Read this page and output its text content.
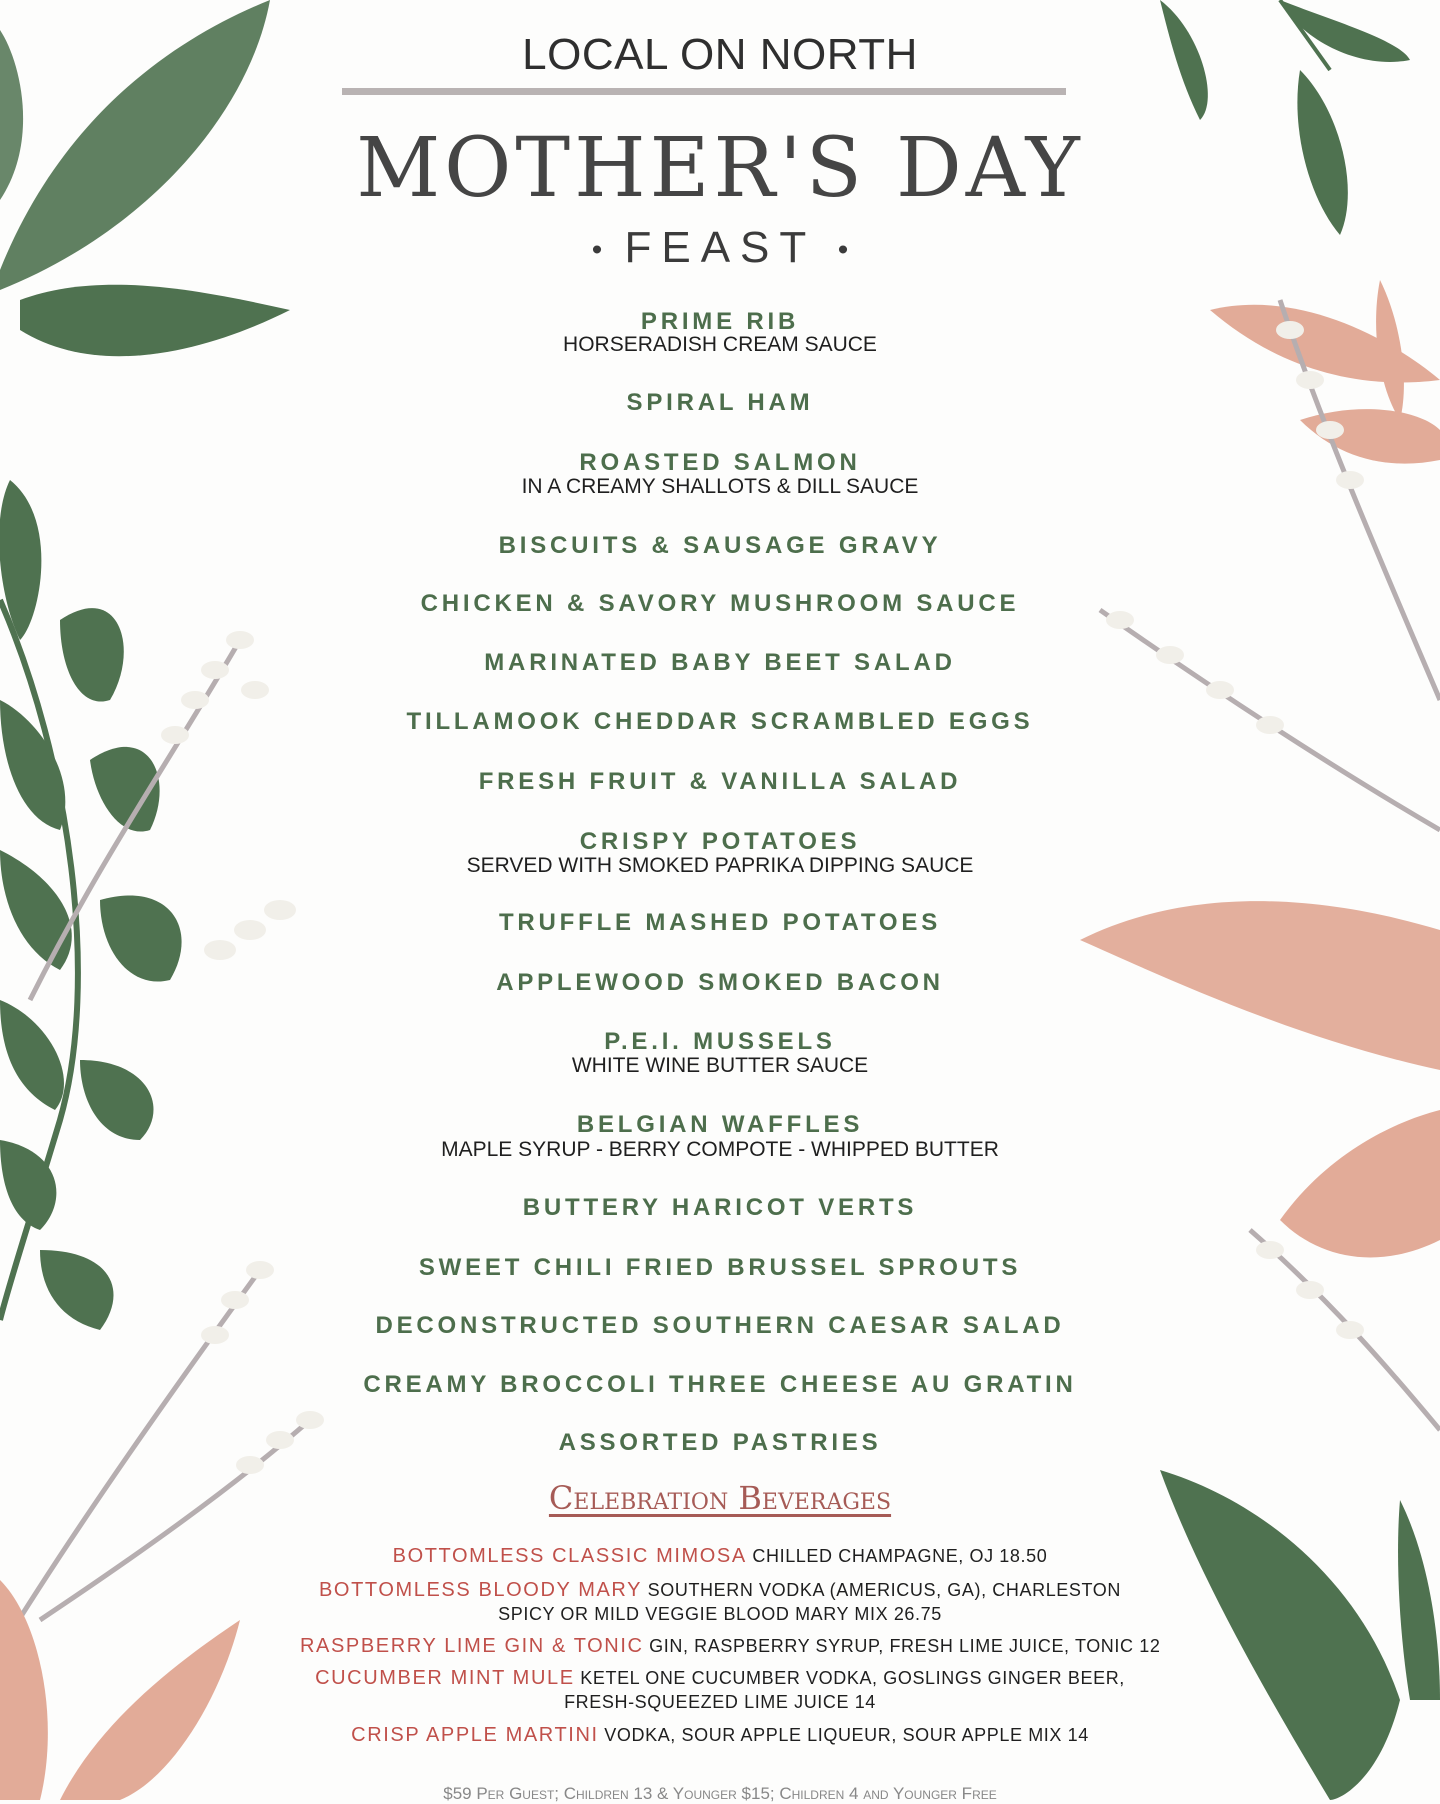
LOCAL ON NORTH
MOTHER'S DAY
• FEAST •
PRIME RIB
HORSERADISH CREAM SAUCE
SPIRAL HAM
ROASTED SALMON
IN A CREAMY SHALLOTS & DILL SAUCE
BISCUITS & SAUSAGE GRAVY
CHICKEN & SAVORY MUSHROOM SAUCE
MARINATED BABY BEET SALAD
TILLAMOOK CHEDDAR SCRAMBLED EGGS
FRESH FRUIT & VANILLA SALAD
CRISPY POTATOES
SERVED WITH SMOKED PAPRIKA DIPPING SAUCE
TRUFFLE MASHED POTATOES
APPLEWOOD SMOKED BACON
P.E.I. MUSSELS
WHITE WINE BUTTER SAUCE
BELGIAN WAFFLES
MAPLE SYRUP - BERRY COMPOTE - WHIPPED BUTTER
BUTTERY HARICOT VERTS
SWEET CHILI FRIED BRUSSEL SPROUTS
DECONSTRUCTED SOUTHERN CAESAR SALAD
CREAMY BROCCOLI THREE CHEESE AU GRATIN
ASSORTED PASTRIES
Celebration Beverages
BOTTOMLESS CLASSIC MIMOSA CHILLED CHAMPAGNE, OJ 18.50
BOTTOMLESS BLOODY MARY SOUTHERN VODKA (AMERICUS, GA), CHARLESTON
SPICY OR MILD VEGGIE BLOOD MARY MIX 26.75
RASPBERRY LIME GIN & TONIC GIN, RASPBERRY SYRUP, FRESH LIME JUICE, TONIC 12
CUCUMBER MINT MULE KETEL ONE CUCUMBER VODKA, GOSLINGS GINGER BEER,
FRESH-SQUEEZED LIME JUICE 14
CRISP APPLE MARTINI VODKA, SOUR APPLE LIQUEUR, SOUR APPLE MIX 14
$59 Per Guest; Children 13 & Younger $15; Children 4 and Younger Free
